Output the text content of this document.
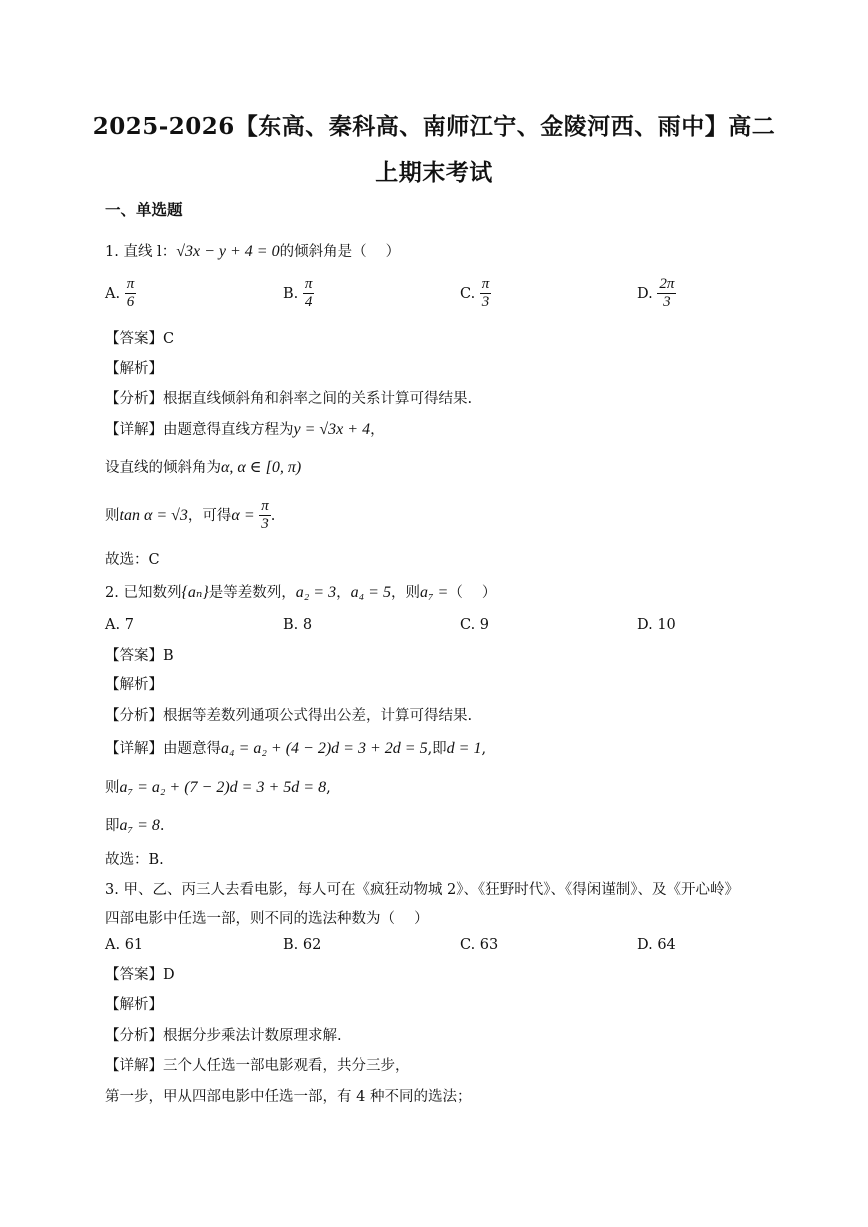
2025-2026【东高、秦科高、南师江宁、金陵河西、雨中】高二
上期末考试
一、单选题
1. 直线 l：√3x − y + 4 = 0的倾斜角是（　 ）
A. $\frac{\pi}{6}$	B. $\frac{\pi}{4}$	C. $\frac{\pi}{3}$	D. $\frac{2\pi}{3}$
【答案】C
【解析】
【分析】根据直线倾斜角和斜率之间的关系计算可得结果.
【详解】由题意得直线方程为y = √3x + 4，
设直线的倾斜角为α, α ∈ [0, π)
则tan α = √3，可得$\alpha = \frac{\pi}{3}$ .
故选：C
2. 已知数列{aₙ}是等差数列，a₂ = 3，a₄ = 5，则a₇ =（　 ）
A. 7	B. 8	C. 9	D. 10
【答案】B
【解析】
【分析】根据等差数列通项公式得出公差，计算可得结果.
【详解】由题意得a₄ = a₂ + (4 − 2)d = 3 + 2d = 5,即d = 1,
则a₇ = a₂ + (7 − 2)d = 3 + 5d = 8,
即a₇ = 8.
故选：B.
3. 甲、乙、丙三人去看电影，每人可在《疯狂动物城 2》、《狂野时代》、《得闲谨制》、及《开心岭》
四部电影中任选一部，则不同的选法种数为（　 ）
A. 61	B. 62	C. 63	D. 64
【答案】D
【解析】
【分析】根据分步乘法计数原理求解.
【详解】三个人任选一部电影观看，共分三步，
第一步，甲从四部电影中任选一部，有 4 种不同的选法；
